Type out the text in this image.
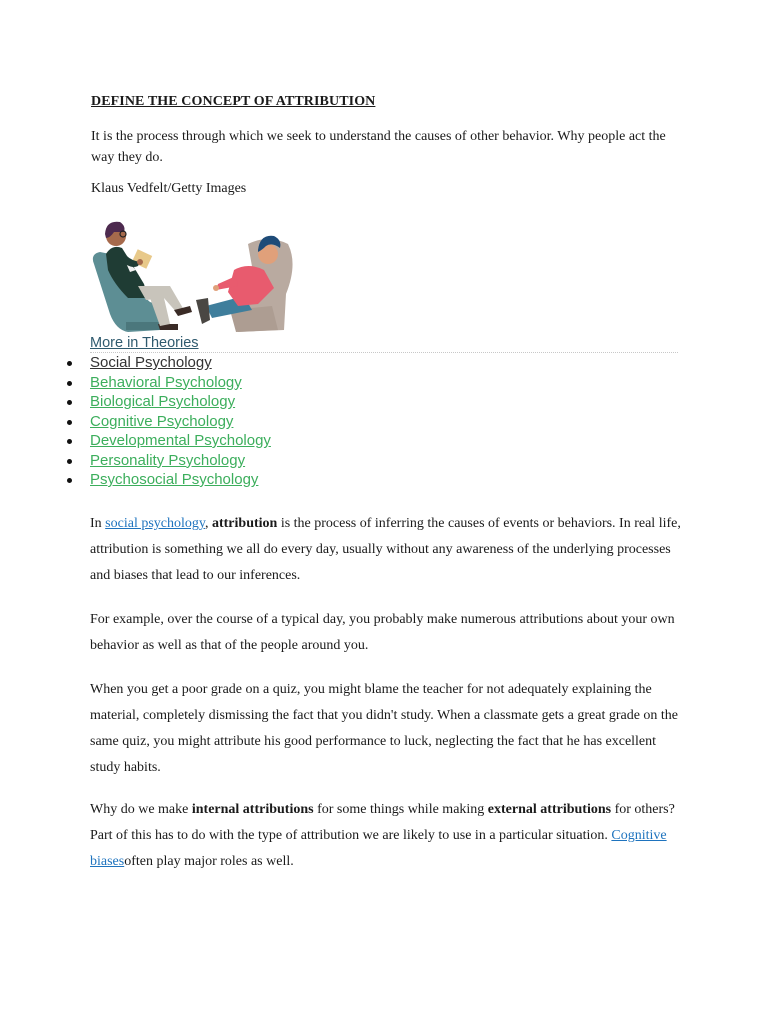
DEFINE THE CONCEPT OF ATTRIBUTION
It is the process through which we seek to understand the causes of other behavior. Why people act the way they do.
Klaus Vedfelt/Getty Images
More in Theories
Social Psychology
Behavioral Psychology
Biological Psychology
Cognitive Psychology
Developmental Psychology
Personality Psychology
Psychosocial Psychology
In social psychology, attribution is the process of inferring the causes of events or behaviors. In real life, attribution is something we all do every day, usually without any awareness of the underlying processes and biases that lead to our inferences.
For example, over the course of a typical day, you probably make numerous attributions about your own behavior as well as that of the people around you.
When you get a poor grade on a quiz, you might blame the teacher for not adequately explaining the material, completely dismissing the fact that you didn't study. When a classmate gets a great grade on the same quiz, you might attribute his good performance to luck, neglecting the fact that he has excellent study habits.
Why do we make internal attributions for some things while making external attributions for others? Part of this has to do with the type of attribution we are likely to use in a particular situation. Cognitive biasesoften play major roles as well.
